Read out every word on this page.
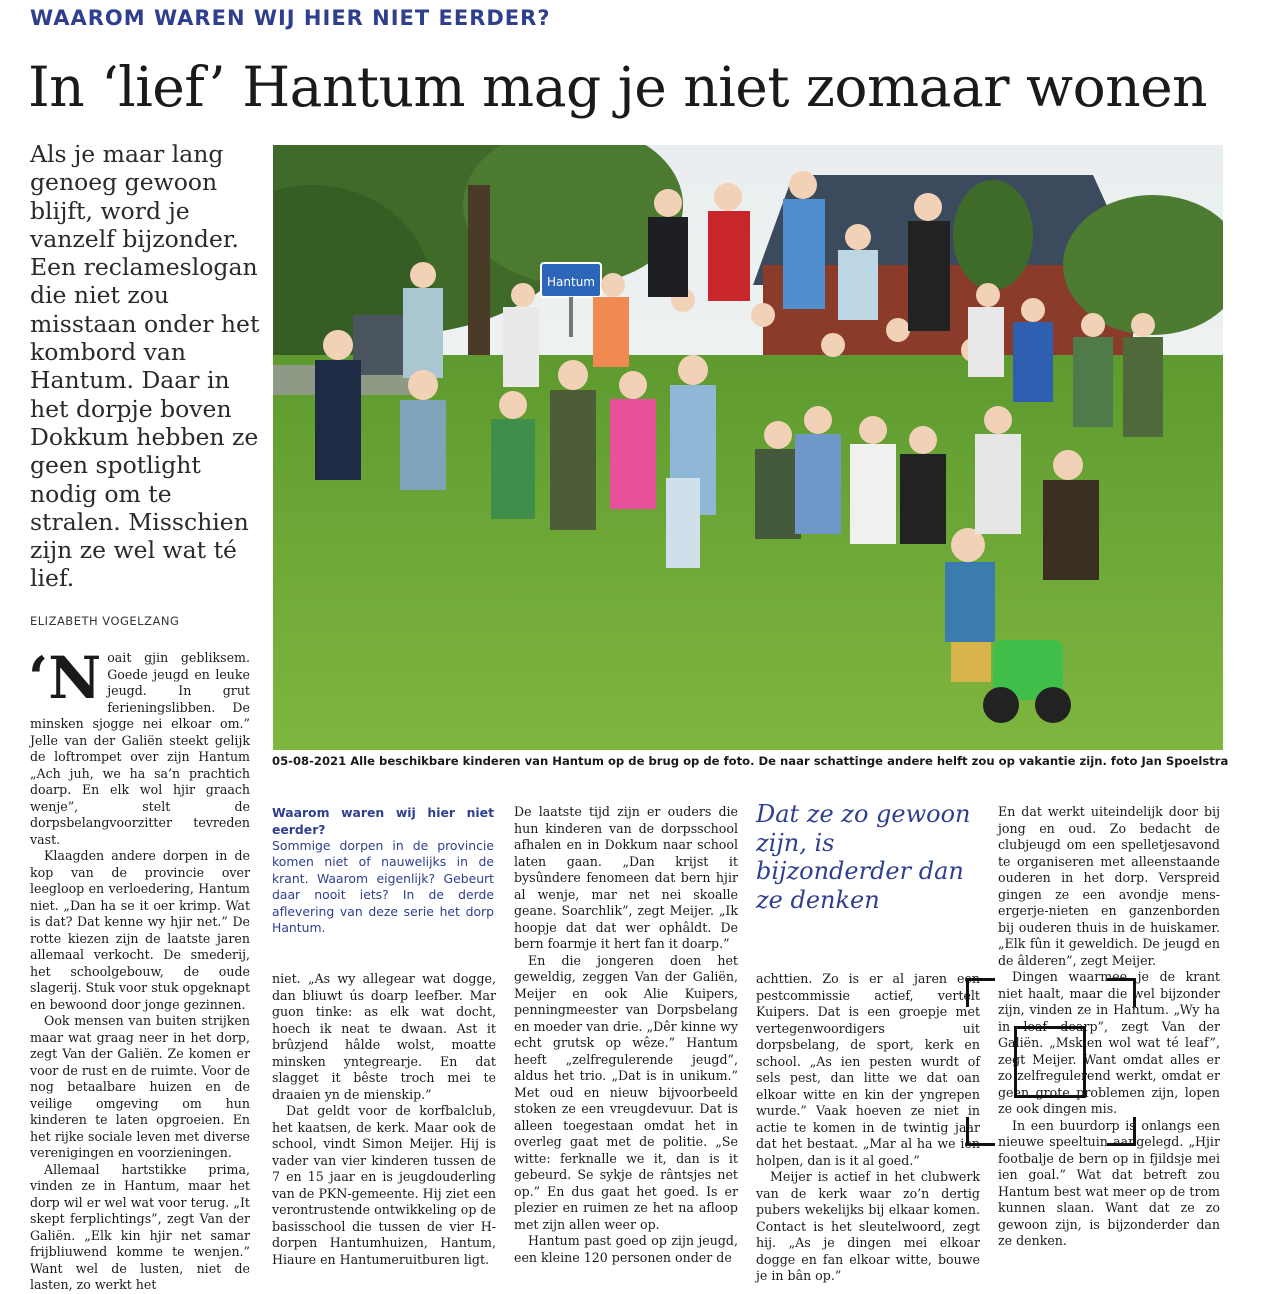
WAAROM WAREN WIJ HIER NIET EERDER?
In ‘lief’ Hantum mag je niet zomaar wonen

Als je maar lang genoeg gewoon blijft, word je vanzelf bijzonder. Een reclameslogan die niet zou misstaan onder het kombord van Hantum. Daar in het dorpje boven Dokkum hebben ze geen spotlight nodig om te stralen. Misschien zijn ze wel wat té lief.

ELIZABETH VOGELZANG
Hantum
05-08-2021 Alle beschikbare kinderen van Hantum op de brug op de foto. De naar schattinge andere helft zou op vakantie zijn. foto Jan Spoelstra

‘Noait gjin gebliksem. Goede jeugd en leuke jeugd. In grut ferieningslibben. De minsken sjogge nei elkoar om.” Jelle van der Galiën steekt gelijk de loftrompet over zijn Hantum „Ach juh, we ha sa’n prachtich doarp. En elk wol hjir graach wenje”, stelt de dorpsbelangvoorzitter tevreden vast.

Klaagden andere dorpen in de kop van de provincie over leegloop en verloedering, Hantum niet. „Dan ha se it oer krimp. Wat is dat? Dat kenne wy hjir net.” De rotte kiezen zijn de laatste jaren allemaal verkocht. De smederij, het schoolgebouw, de oude slagerij. Stuk voor stuk opgeknapt en bewoond door jonge gezinnen.

Ook mensen van buiten strijken maar wat graag neer in het dorp, zegt Van der Galiën. Ze komen er voor de rust en de ruimte. Voor de nog betaalbare huizen en de veilige omgeving om hun kinderen te laten opgroeien. En het rijke sociale leven met diverse verenigingen en voorzieningen.

Allemaal hartstikke prima, vinden ze in Hantum, maar het dorp wil er wel wat voor terug. „It skept ferplichtings”, zegt Van der Galiën. „Elk kin hjir net samar frijbliuwend komme te wenjen.” Want wel de lusten, niet de lasten, zo werkt het

Waarom waren wij hier niet eerder?
Sommige dorpen in de provincie komen niet of nauwelijks in de krant. Waarom eigenlijk? Gebeurt daar nooit iets? In de derde aflevering van deze serie het dorp Hantum.

niet. „As wy allegear wat dogge, dan bliuwt ús doarp leefber. Mar guon tinke: as elk wat docht, hoech ik neat te dwaan. Ast it brûzjend hâlde wolst, moatte minsken yntegrearje. En dat slagget it bêste troch mei te draaien yn de mienskip.”

Dat geldt voor de korfbalclub, het kaatsen, de kerk. Maar ook de school, vindt Simon Meijer. Hij is vader van vier kinderen tussen de 7 en 15 jaar en is jeugdouderling van de PKN-gemeente. Hij ziet een verontrustende ontwikkeling op de basisschool die tussen de vier H-dorpen Hantumhuizen, Hantum, Hiaure en Hantumeruitburen ligt.

De laatste tijd zijn er ouders die hun kinderen van de dorpsschool afhalen en in Dokkum naar school laten gaan. „Dan krijst it bysûndere fenomeen dat bern hjir al wenje, mar net nei skoalle geane. Soarchlik”, zegt Meijer. „Ik hoopje dat dat wer ophâldt. De bern foarmje it hert fan it doarp.”

En die jongeren doen het geweldig, zeggen Van der Galiën, Meijer en ook Alie Kuipers, penningmeester van Dorpsbelang en moeder van drie. „Dêr kinne wy echt grutsk op wêze.” Hantum heeft „zelfregulerende jeugd”, aldus het trio. „Dat is in unikum.” Met oud en nieuw bijvoorbeeld stoken ze een vreugdevuur. Dat is alleen toegestaan omdat het in overleg gaat met de politie. „Se witte: ferknalle we it, dan is it gebeurd. Se sykje de rântsjes net op.” En dus gaat het goed. Is er plezier en ruimen ze het na afloop met zijn allen weer op.

Hantum past goed op zijn jeugd, een kleine 120 personen onder de

Dat ze zo gewoon zijn, is bijzonderder dan ze denken

achttien. Zo is er al jaren een pestcommissie actief, vertelt Kuipers. Dat is een groepje met vertegenwoordigers uit dorpsbelang, de sport, kerk en school. „As ien pesten wurdt of sels pest, dan litte we dat oan elkoar witte en kin der yngrepen wurde.” Vaak hoeven ze niet in actie te komen in de twintig jaar dat het bestaat. „Mar al ha we ien holpen, dan is it al goed.”

Meijer is actief in het clubwerk van de kerk waar zo’n dertig pubers wekelijks bij elkaar komen. Contact is het sleutelwoord, zegt hij. „As je dingen mei elkoar dogge en fan elkoar witte, bouwe je in bân op.”

En dat werkt uiteindelijk door bij jong en oud. Zo bedacht de clubjeugd om een spelletjesavond te organiseren met alleenstaande ouderen in het dorp. Verspreid gingen ze een avondje mens-ergerje-nieten en ganzenborden bij ouderen thuis in de huiskamer. „Elk fûn it geweldich. De jeugd en de âlderen”, zegt Meijer.

Dingen waarmee je de krant niet haalt, maar die wel bijzonder zijn, vinden ze in Hantum. „Wy ha in leaf doarp”, zegt Van der Galiën. „Mskien wol wat té leaf”, zegt Meijer. Want omdat alles er zo zelfregulerend werkt, omdat er geen grote problemen zijn, lopen ze ook dingen mis.

In een buurdorp is onlangs een nieuwe speeltuin aangelegd. „Hjir footbalje de bern op in fjildsje mei ien goal.” Wat dat betreft zou Hantum best wat meer op de trom kunnen slaan. Want dat ze zo gewoon zijn, is bijzonderder dan ze denken.
